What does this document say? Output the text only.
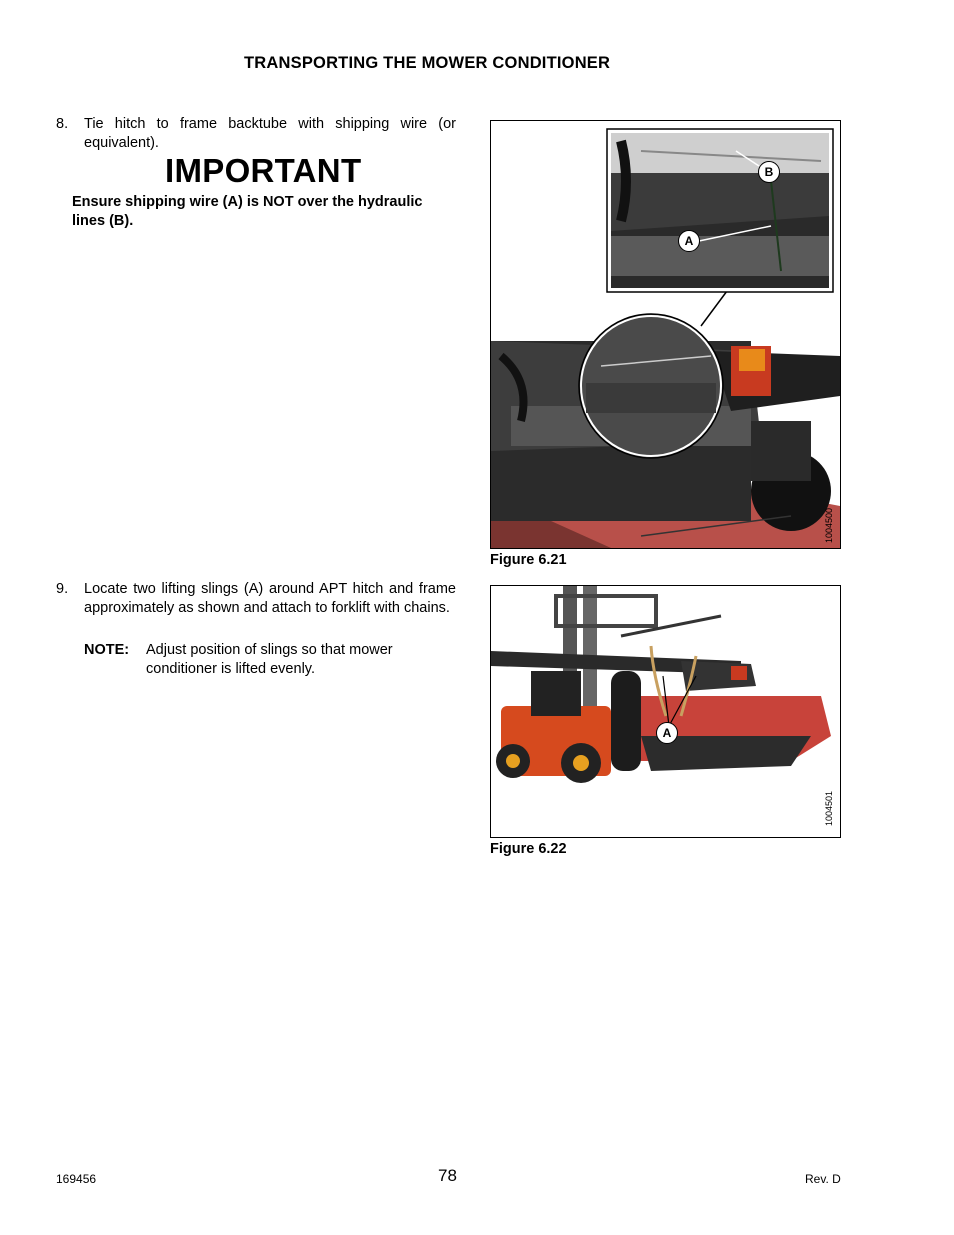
TRANSPORTING THE MOWER CONDITIONER
8. Tie hitch to frame backtube with shipping wire (or equivalent).
IMPORTANT
Ensure shipping wire (A) is NOT over the hydraulic lines (B).
A
B
1004500
Figure 6.21
9. Locate two lifting slings (A) around APT hitch and frame approximately as shown and attach to forklift with chains.
NOTE: Adjust position of slings so that mower conditioner is lifted evenly.
A
1004501
Figure 6.22
169456	78	Rev. D
